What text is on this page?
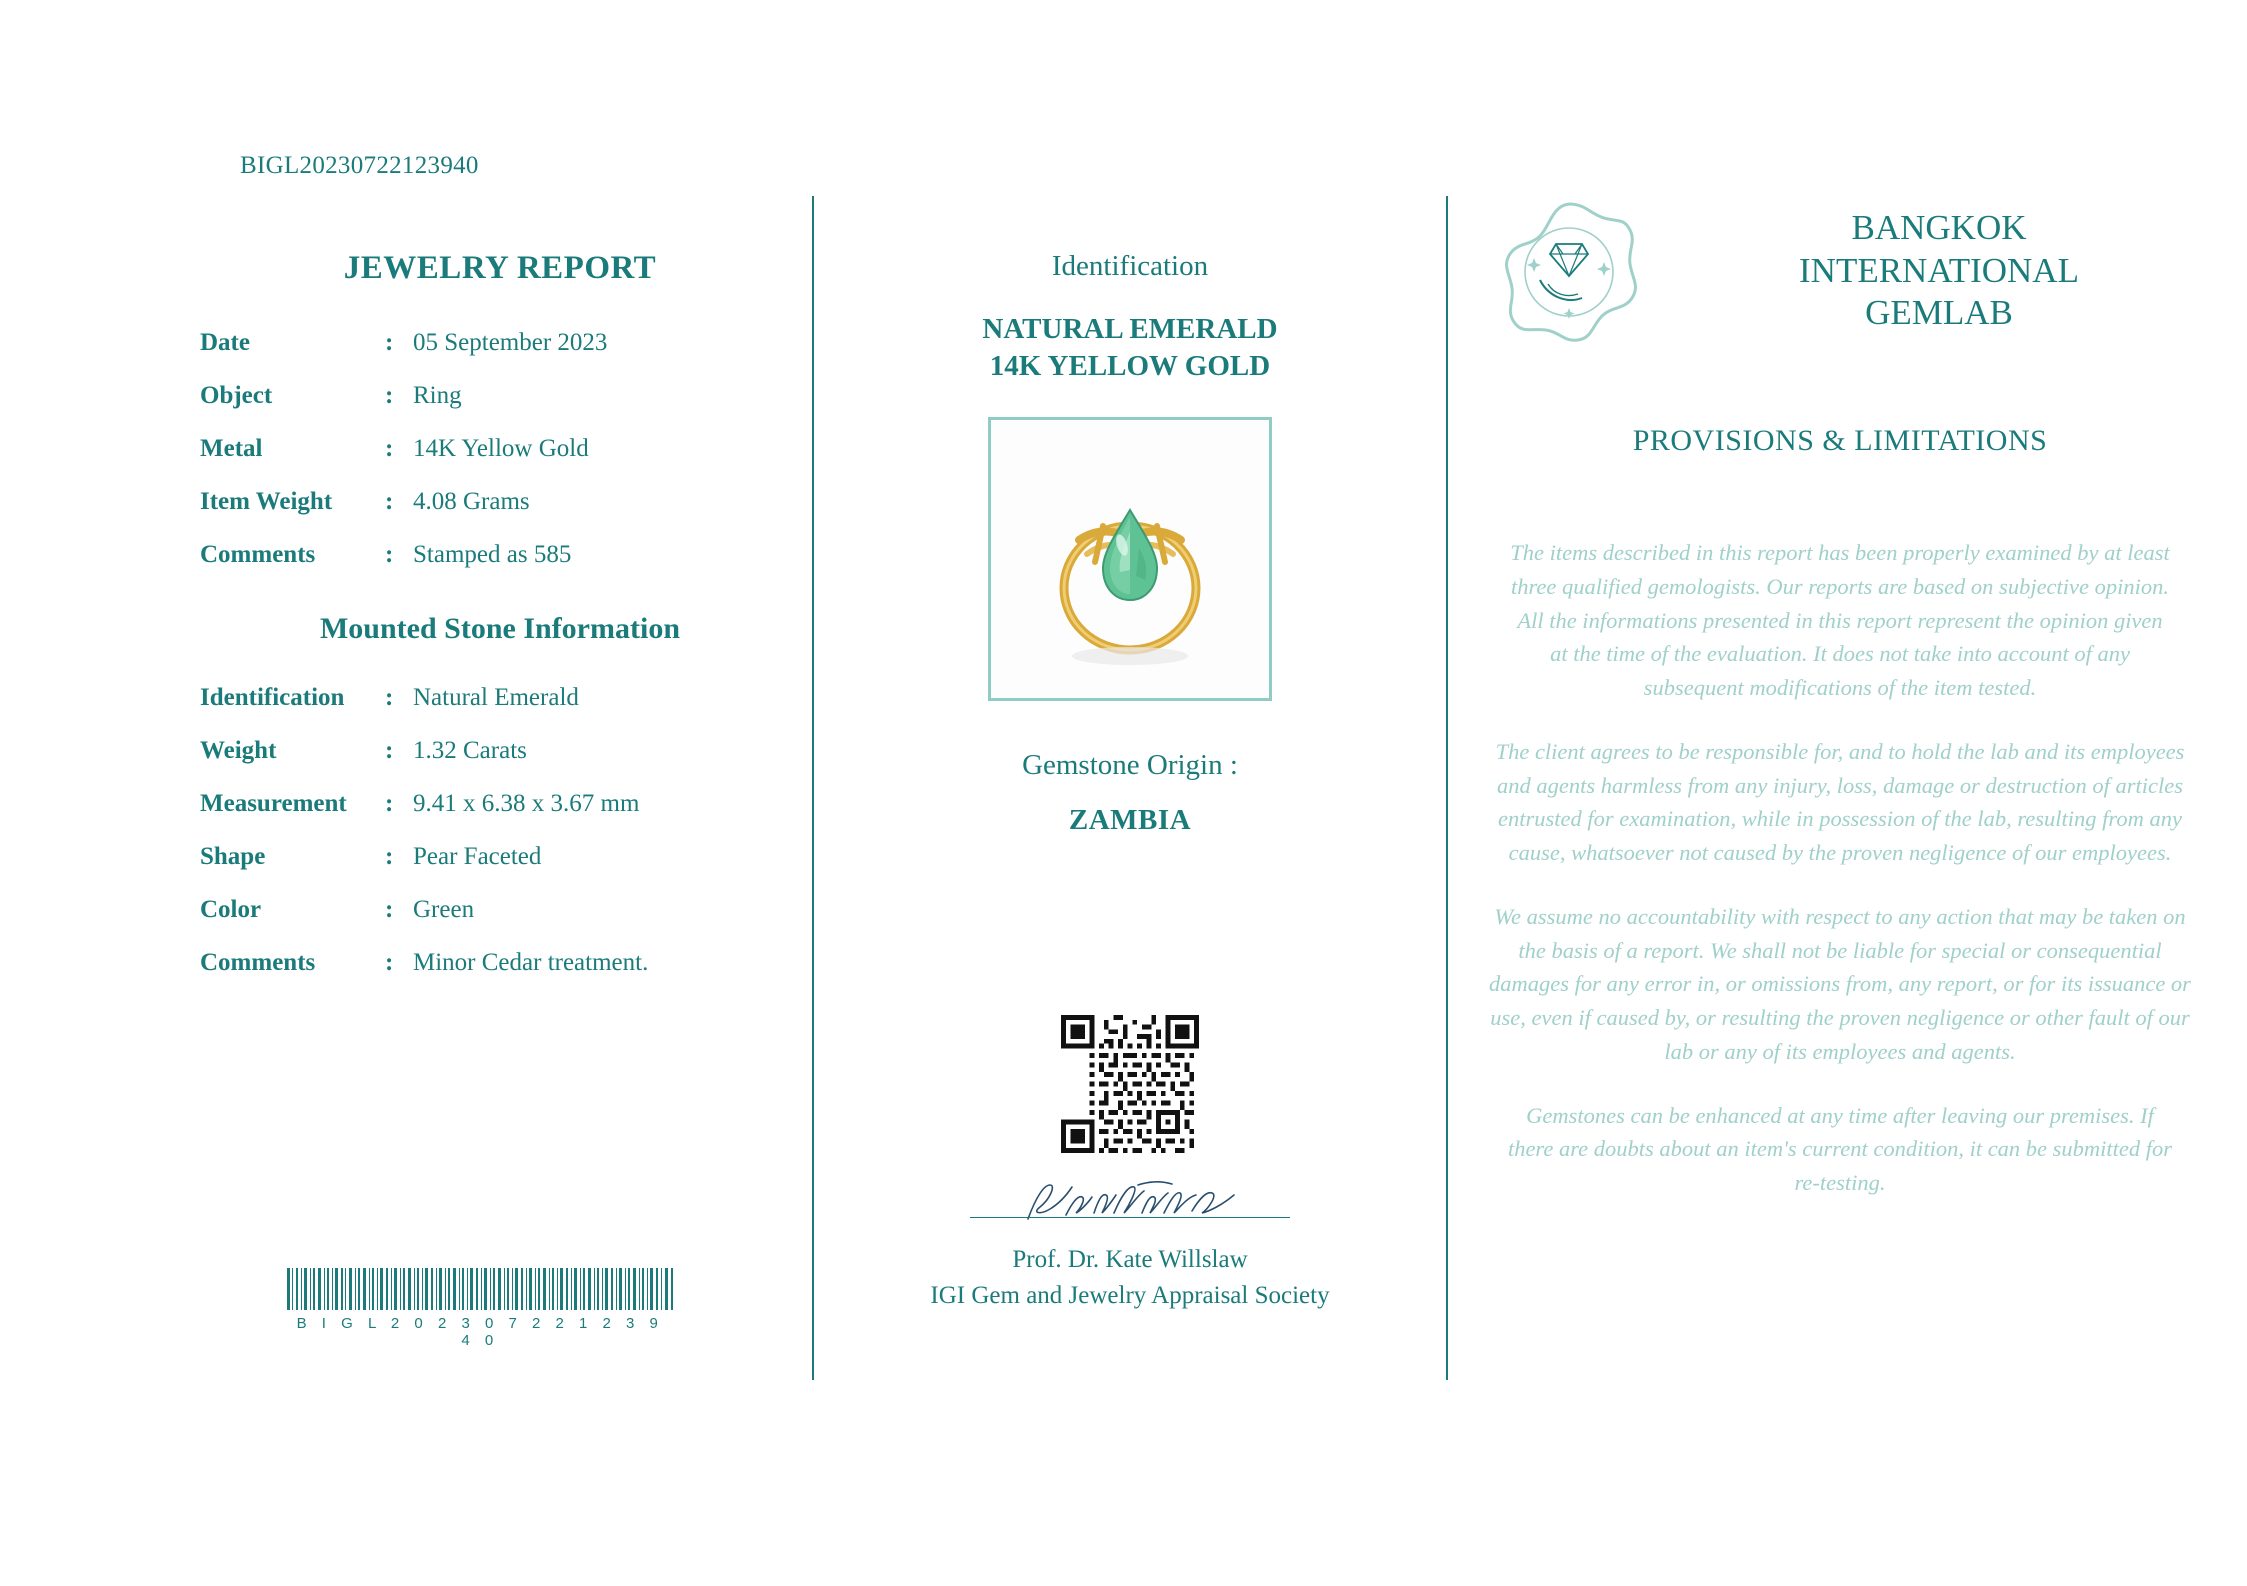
BIGL20230722123940
JEWELRY REPORT
Date	:	05 September 2023
Object	:	Ring
Metal	:	14K Yellow Gold
Item Weight	:	4.08 Grams
Comments	:	Stamped as 585
Mounted Stone Information
Identification	:	Natural Emerald
Weight	:	1.32 Carats
Measurement	:	9.41 x 6.38 x 3.67 mm
Shape	:	Pear Faceted
Color	:	Green
Comments	:	Minor Cedar treatment.
B I G L 2 0 2 3 0 7 2 2 1 2 3 9 4 0
Identification
NATURAL EMERALD
14K YELLOW GOLD
Gemstone Origin :
ZAMBIA
Prof. Dr. Kate Willslaw
IGI Gem and Jewelry Appraisal Society
BANGKOK
INTERNATIONAL
GEMLAB
PROVISIONS & LIMITATIONS

The items described in this report has been properly examined by at least three qualified gemologists. Our reports are based on subjective opinion. All the informations presented in this report represent the opinion given at the time of the evaluation. It does not take into account of any subsequent modifications of the item tested.

The client agrees to be responsible for, and to hold the lab and its employees and agents harmless from any injury, loss, damage or destruction of articles entrusted for examination, while in possession of the lab, resulting from any cause, whatsoever not caused by the proven negligence of our employees.

We assume no accountability with respect to any action that may be taken on the basis of a report. We shall not be liable for special or consequential damages for any error in, or omissions from, any report, or for its issuance or use, even if caused by, or resulting the proven negligence or other fault of our lab or any of its employees and agents.

Gemstones can be enhanced at any time after leaving our premises. If there are doubts about an item's current condition, it can be submitted for re-testing.
